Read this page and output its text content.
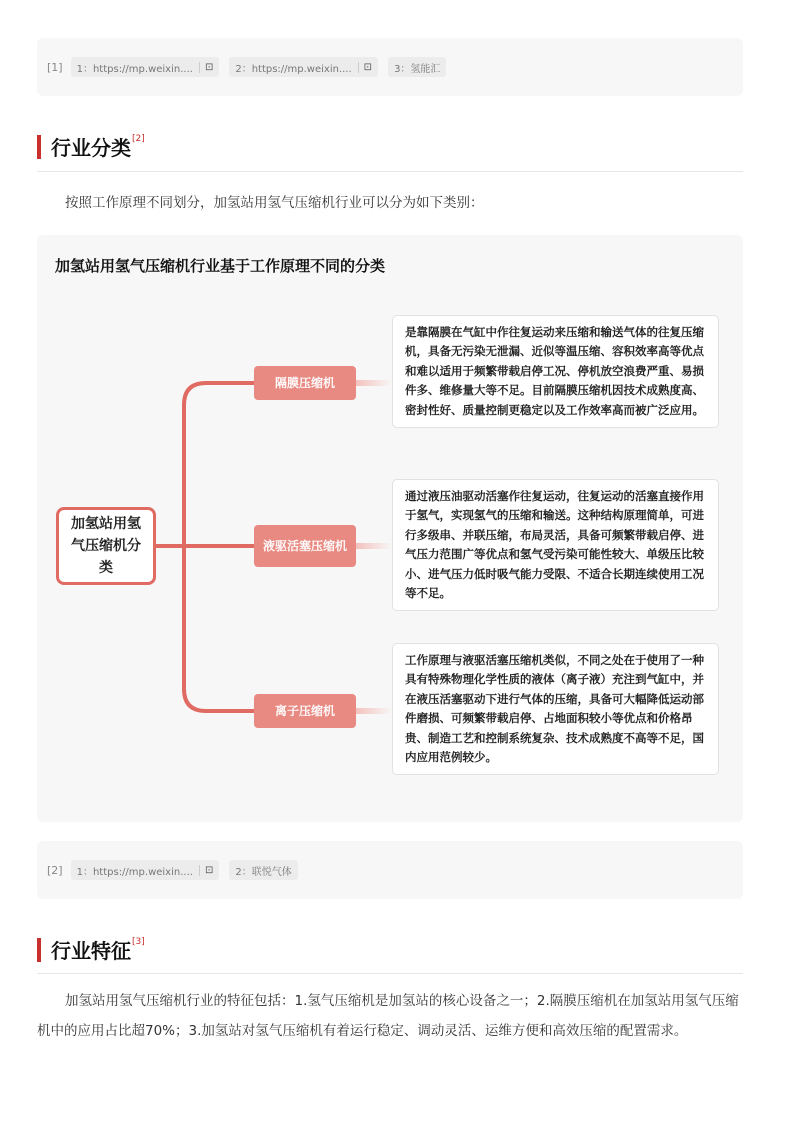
[1] 1：https://mp.weixin....	⊡ 2：https://mp.weixin....	⊡ 3：氢能汇
行业分类[2]
按照工作原理不同划分，加氢站用氢气压缩机行业可以分为如下类别：
加氢站用氢气压缩机行业基于工作原理不同的分类
加氢站用氢气压缩机分类
隔膜压缩机
液驱活塞压缩机
离子压缩机
是靠隔膜在气缸中作往复运动来压缩和输送气体的往复压缩机，具备无污染无泄漏、近似等温压缩、容积效率高等优点和难以适用于频繁带载启停工况、停机放空浪费严重、易损件多、维修量大等不足。目前隔膜压缩机因技术成熟度高、密封性好、质量控制更稳定以及工作效率高而被广泛应用。
通过液压油驱动活塞作往复运动，往复运动的活塞直接作用于氢气，实现氢气的压缩和输送。这种结构原理简单，可进行多级串、并联压缩，布局灵活，具备可频繁带载启停、进气压力范围广等优点和氢气受污染可能性较大、单级压比较小、进气压力低时吸气能力受限、不适合长期连续使用工况等不足。
工作原理与液驱活塞压缩机类似，不同之处在于使用了一种具有特殊物理化学性质的液体（离子液）充注到气缸中，并在液压活塞驱动下进行气体的压缩，具备可大幅降低运动部件磨损、可频繁带载启停、占地面积较小等优点和价格昂贵、制造工艺和控制系统复杂、技术成熟度不高等不足，国内应用范例较少。
[2] 1：https://mp.weixin....	⊡ 2：联悦气体
行业特征[3]
加氢站用氢气压缩机行业的特征包括：1.氢气压缩机是加氢站的核心设备之一；2.隔膜压缩机在加氢站用氢气压缩机中的应用占比超70%；3.加氢站对氢气压缩机有着运行稳定、调动灵活、运维方便和高效压缩的配置需求。
